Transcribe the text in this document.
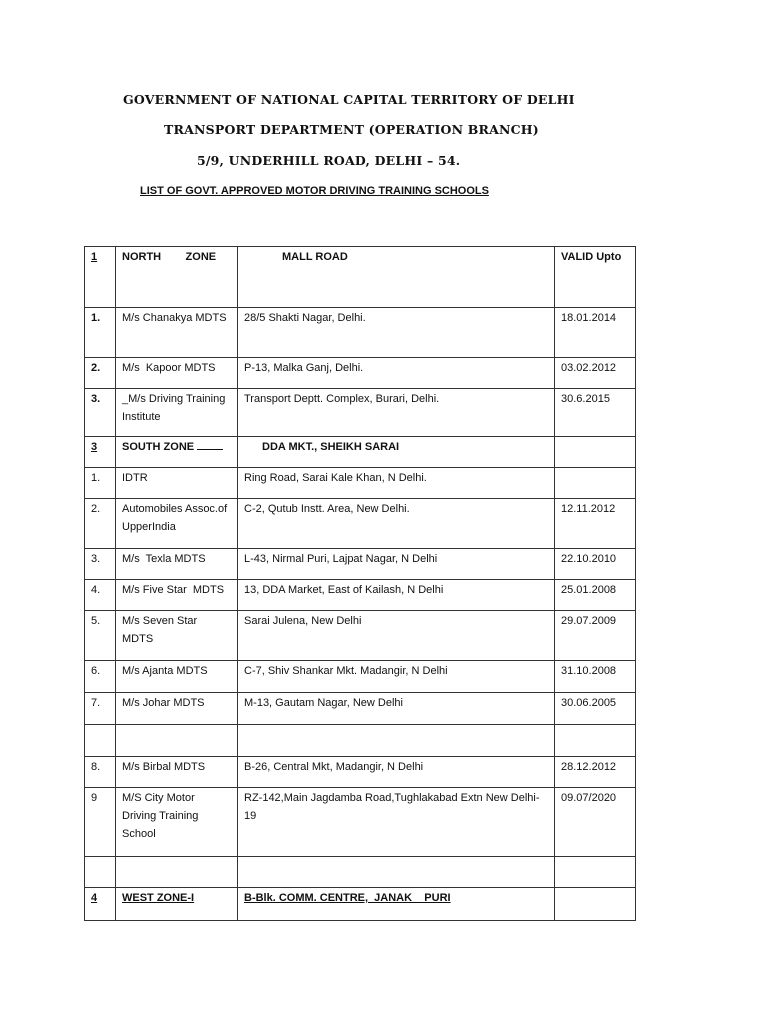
GOVERNMENT OF NATIONAL CAPITAL TERRITORY OF DELHI
TRANSPORT DEPARTMENT (OPERATION BRANCH)
5/9, UNDERHILL ROAD, DELHI – 54.
LIST OF GOVT. APPROVED MOTOR DRIVING TRAINING SCHOOLS
1	NORTH        ZONE	MALL ROAD	VALID Upto

1.	M/s Chanakya MDTS	28/5 Shakti Nagar, Delhi.	18.01.2014

2.	M/s  Kapoor MDTS	P-13, Malka Ganj, Delhi.	03.02.2012

3.	_M/s Driving Training Institute	Transport Deptt. Complex, Burari, Delhi.	30.6.2015

3	SOUTH ZONE	DDA MKT., SHEIKH SARAI	

1.	IDTR	Ring Road, Sarai Kale Khan, N Delhi.	

2.	Automobiles Assoc.of UpperIndia	C-2, Qutub Instt. Area, New Delhi.	12.11.2012

3.	M/s  Texla MDTS	L-43, Nirmal Puri, Lajpat Nagar, N Delhi	22.10.2010

4.	M/s Five Star  MDTS	13, DDA Market, East of Kailash, N Delhi	25.01.2008

5.	M/s Seven Star MDTS	Sarai Julena, New Delhi	29.07.2009

6.	M/s Ajanta MDTS	C-7, Shiv Shankar Mkt. Madangir, N Delhi	31.10.2008

7.	M/s Johar MDTS	M-13, Gautam Nagar, New Delhi	30.06.2005

8.	M/s Birbal MDTS	B-26, Central Mkt, Madangir, N Delhi	28.12.2012

9	M/S City Motor Driving Training School	RZ-142,Main Jagdamba Road,Tughlakabad Extn New Delhi-19	09.07/2020

4	WEST ZONE-I	B-Blk. COMM. CENTRE,  JANAK    PURI	
